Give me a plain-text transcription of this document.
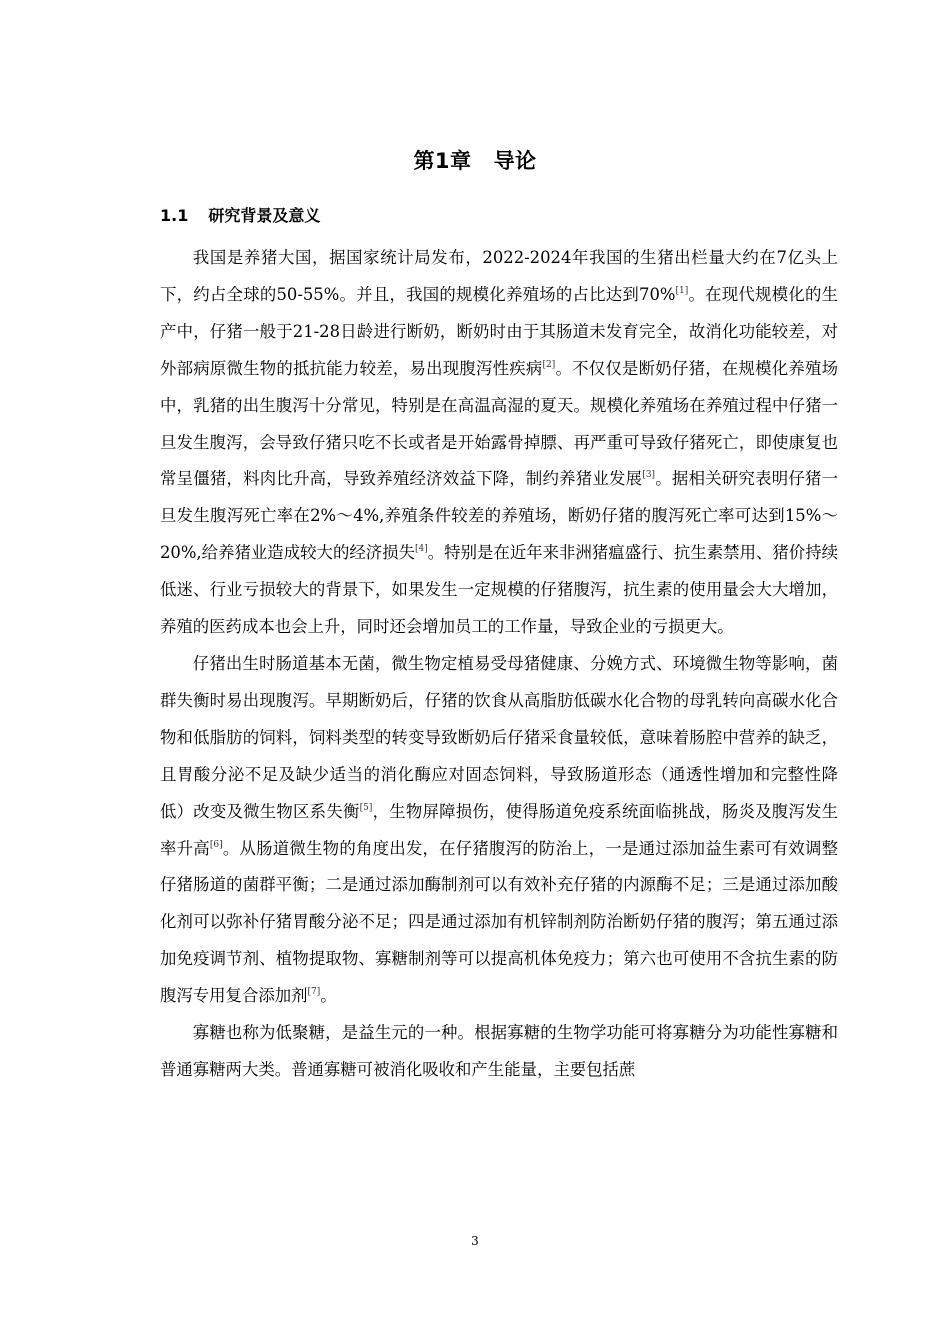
第1章 导论
1.1 研究背景及意义

我国是养猪大国，据国家统计局发布，2022-2024年我国的生猪出栏量大约在7亿头上下，约占全球的50-55%。并且，我国的规模化养殖场的占比达到70%[1]。在现代规模化的生产中，仔猪一般于21-28日龄进行断奶，断奶时由于其肠道未发育完全，故消化功能较差，对外部病原微生物的抵抗能力较差，易出现腹泻性疾病[2]。不仅仅是断奶仔猪，在规模化养殖场中，乳猪的出生腹泻十分常见，特别是在高温高湿的夏天。规模化养殖场在养殖过程中仔猪一旦发生腹泻，会导致仔猪只吃不长或者是开始露骨掉膘、再严重可导致仔猪死亡，即使康复也常呈僵猪，料肉比升高，导致养殖经济效益下降，制约养猪业发展[3]。据相关研究表明仔猪一旦发生腹泻死亡率在2%～4%,养殖条件较差的养殖场，断奶仔猪的腹泻死亡率可达到15%～20%,给养猪业造成较大的经济损失[4]。特别是在近年来非洲猪瘟盛行、抗生素禁用、猪价持续低迷、行业亏损较大的背景下，如果发生一定规模的仔猪腹泻，抗生素的使用量会大大增加，养殖的医药成本也会上升，同时还会增加员工的工作量，导致企业的亏损更大。

仔猪出生时肠道基本无菌，微生物定植易受母猪健康、分娩方式、环境微生物等影响，菌群失衡时易出现腹泻。早期断奶后，仔猪的饮食从高脂肪低碳水化合物的母乳转向高碳水化合物和低脂肪的饲料，饲料类型的转变导致断奶后仔猪采食量较低，意味着肠腔中营养的缺乏，且胃酸分泌不足及缺少适当的消化酶应对固态饲料，导致肠道形态（通透性增加和完整性降低）改变及微生物区系失衡[5]，生物屏障损伤，使得肠道免疫系统面临挑战，肠炎及腹泻发生率升高[6]。从肠道微生物的角度出发，在仔猪腹泻的防治上，一是通过添加益生素可有效调整仔猪肠道的菌群平衡；二是通过添加酶制剂可以有效补充仔猪的内源酶不足；三是通过添加酸化剂可以弥补仔猪胃酸分泌不足；四是通过添加有机锌制剂防治断奶仔猪的腹泻；第五通过添加免疫调节剂、植物提取物、寡糖制剂等可以提高机体免疫力；第六也可使用不含抗生素的防腹泻专用复合添加剂[7]。

寡糖也称为低聚糖，是益生元的一种。根据寡糖的生物学功能可将寡糖分为功能性寡糖和普通寡糖两大类。普通寡糖可被消化吸收和产生能量，主要包括蔗

3
